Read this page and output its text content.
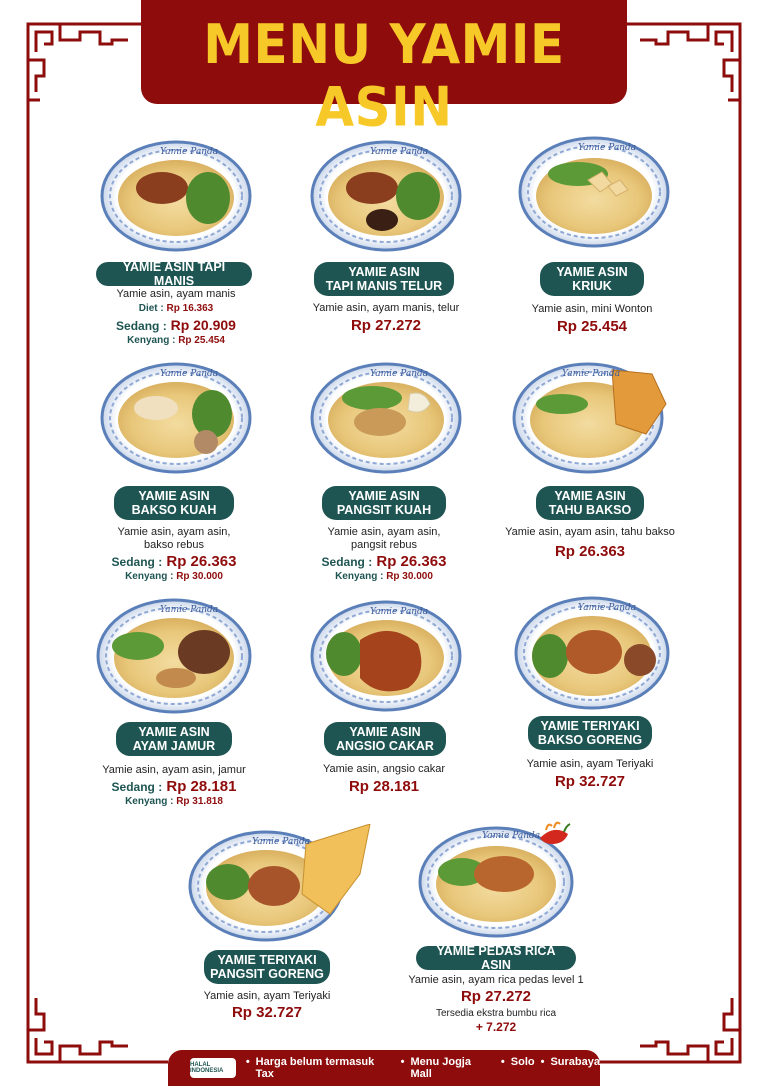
MENU YAMIE ASIN
Yamie Panda
YAMIE ASIN TAPI MANIS
Yamie asin, ayam manis
Diet : Rp 16.363
Sedang : Rp 20.909
Kenyang : Rp 25.454
Yamie Panda
YAMIE ASIN
TAPI MANIS TELUR
Yamie asin, ayam manis, telur
Rp 27.272
Yamie Panda
YAMIE ASIN
KRIUK
Yamie asin, mini Wonton
Rp 25.454
Yamie Panda
YAMIE ASIN
BAKSO KUAH
Yamie asin, ayam asin,
bakso rebus
Sedang : Rp 26.363
Kenyang : Rp 30.000
Yamie Panda
YAMIE ASIN
PANGSIT KUAH
Yamie asin, ayam asin,
pangsit rebus
Sedang : Rp 26.363
Kenyang : Rp 30.000
Yamie Panda
YAMIE ASIN
TAHU BAKSO
Yamie asin, ayam asin, tahu bakso
Rp 26.363
Yamie Panda
YAMIE ASIN
AYAM JAMUR
Yamie asin, ayam asin, jamur
Sedang : Rp 28.181
Kenyang : Rp 31.818
Yamie Panda
YAMIE ASIN
ANGSIO CAKAR
Yamie asin, angsio cakar
Rp 28.181
Yamie Panda
YAMIE TERIYAKI
BAKSO GORENG
Yamie asin, ayam Teriyaki
Rp 32.727
Yamie Panda
YAMIE TERIYAKI
PANGSIT GORENG
Yamie asin, ayam Teriyaki
Rp 32.727
Yamie Panda
YAMIE PEDAS RICA ASIN
Yamie asin, ayam rica pedas level 1
Rp 27.272
Tersedia ekstra bumbu rica
+ 7.272
HALAL INDONESIA
• Harga belum termasuk Tax
• Menu Jogja Mall
• Solo • Surabaya
